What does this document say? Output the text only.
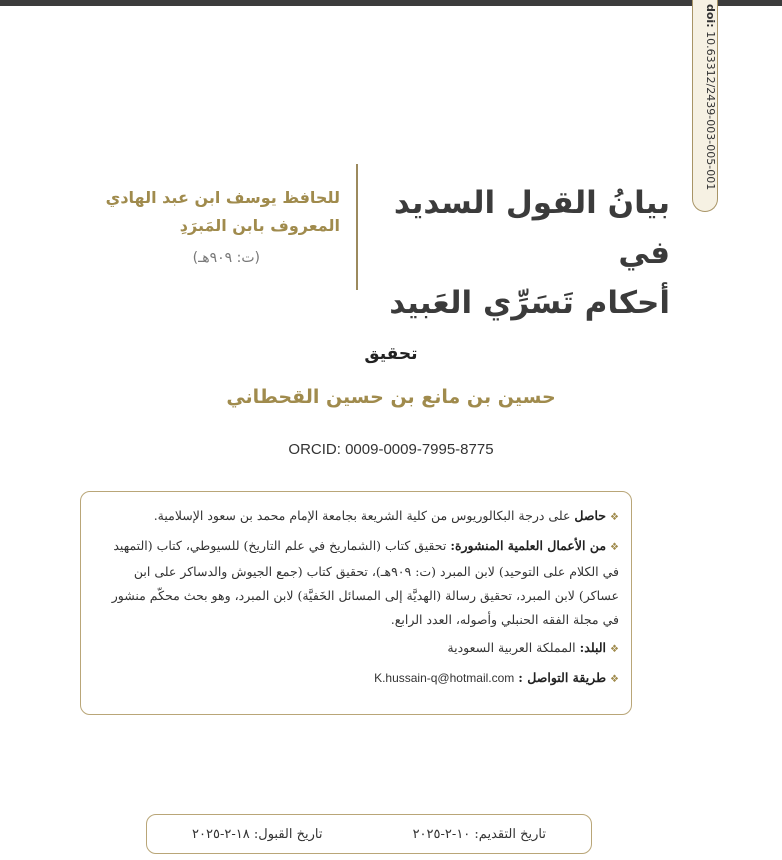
doi: 10.63312/2439-003-005-001
بيانُ القول السديد في
أحكام تَسَرِّي العَبيد

للحافظ يوسف ابن عبد الهادي

المعروف بابن المَبرَدِ

(ت: ٩٠٩هـ)
تحقيق
حسين بن مانع بن حسين القحطاني
ORCID: 0009-0009-7995-8775

❖حاصل على درجة البكالوريوس من كلية الشريعة بجامعة الإمام محمد بن سعود الإسلامية.

❖من الأعمال العلمية المنشورة: تحقيق كتاب (الشماريخ في علم التاريخ) للسيوطي، كتاب (التمهيد في الكلام على التوحيد) لابن المبرد (ت: ٩٠٩هـ)، تحقيق كتاب (جمع الجيوش والدساكر على ابن عساكر) لابن المبرد، تحقيق رسالة (الهديَّة إلى المسائل الخَفيَّة) لابن المبرد، وهو بحث محكّم منشور في مجلة الفقه الحنبلي وأصوله، العدد الرابع.

❖البلد: المملكة العربية السعودية

❖طريقة التواصل : K.hussain-q@hotmail.com

تاريخ التقديم: ١٠-٢-٢٠٢٥
تاريخ القبول: ١٨-٢-٢٠٢٥
